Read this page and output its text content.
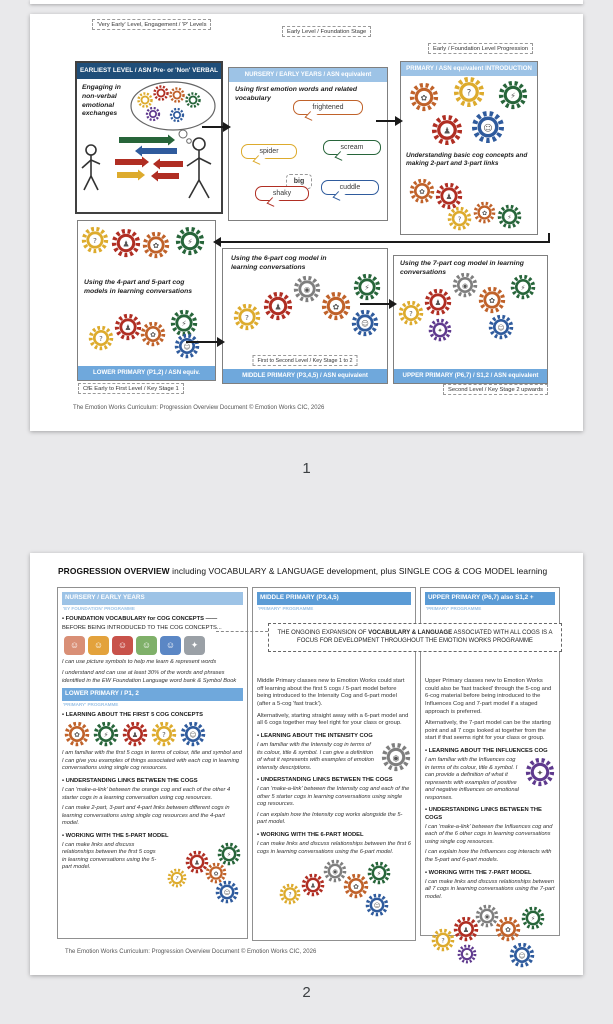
'Very Early' Level, Engagement / 'P' Levels
Early Level / Foundation Stage
Early / Foundation Level Progression
EARLIEST LEVEL / ASN Pre- or 'Non' VERBAL
Engaging in non-verbal emotional exchanges
NURSERY / EARLY YEARS / ASN equivalent
Using first emotion words and related vocabulary
frightened
spider
scream
big
shaky
cuddle
PRIMARY / ASN equivalent INTRODUCTION
✿
?	⚡
♟	☺
✿
♟
?
✿ ⚡
Understanding basic cog concepts and making 2-part and 3-part links
?	♟	✿	⚡
♟
✿
⚡
?
☺
Using the 4-part and 5-part cog models in learning conversations
LOWER PRIMARY (P1,2) / ASN equiv.
CfE Early to First Level / Key Stage 1
Using the 6-part cog model in learning conversations
?
♟
◉
✿
⚡
☺
First to Second Level / Key Stage 1 to 2
MIDDLE PRIMARY (P3,4,5) / ASN equivalent
Using the 7-part cog model in learning conversations
?
♟
◉
✿
⚡
✦	☺
UPPER PRIMARY (P6,7) / S1,2 / ASN equivalent
Second Level / Key Stage 2 upwards
The Emotion Works Curriculum: Progression Overview Document © Emotion Works CIC, 2026
1
PROGRESSION OVERVIEW including VOCABULARY & LANGUAGE development, plus SINGLE COG & COG MODEL learning
NURSERY / EARLY YEARS
'EY FOUNDATION' PROGRAMME
• FOUNDATION VOCABULARY for COG CONCEPTS ——
BEFORE BEING INTRODUCED TO THE COG CONCEPTS...
☺	☺	☺	☺	☺	✦
I can use picture symbols to help me learn & represent words
I understand and can use at least 30% of the words and phrases identified in the EW Foundation Language word bank & Symbol Book
LOWER PRIMARY / P1, 2
'PRIMARY' PROGRAMME
• LEARNING ABOUT THE FIRST 5 COG CONCEPTS
✿	⚡	♟	?	☺
I am familiar with the first 5 cogs in terms of colour, title and symbol and I can give you examples of things associated with each cog in learning conversations using single cog resources.
• UNDERSTANDING LINKS BETWEEN THE COGS
I can 'make-a-link' between the orange cog and each of the other 4 starter cogs in a learning conversation using cog resources.
I can make 2-part, 3-part and 4-part links between different cogs in learning conversations using single cog resources and the 4-part model.
• WORKING WITH THE 5-PART MODEL
⚡
♟
✿
?
☺
I can make links and discuss relationships between the first 5 cogs in learning conversations using the 5-part model.
MIDDLE PRIMARY (P3,4,5)
'PRIMARY' PROGRAMME
Middle Primary classes new to Emotion Works could start off learning about the first 5 cogs / 5-part model before being introduced to the Intensity Cog and 6-part model (after a 5-cog 'fast track').
Alternatively, starting straight away with a 6-part model and all 6 cogs together may feel right for your class or group.
• LEARNING ABOUT THE INTENSITY COG
◉
I am familiar with the Intensity cog in terms of its colour, title & symbol. I can give a definition of what it represents with examples of emotion intensity descriptions.
• UNDERSTANDING LINKS BETWEEN THE COGS
I can 'make-a-link' between the Intensity cog and each of the other 5 starter cogs in learning conversations using single cog resources.
I can explain how the Intensity cog works alongside the 5-part model.
• WORKING WITH THE 6-PART MODEL
I can make links and discuss relationships between the first 6 cogs in learning conversations using the 6-part model.
◉
♟	✿
⚡
?
☺
UPPER PRIMARY (P6,7) also S1,2 +
'PRIMARY' PROGRAMME
Upper Primary classes new to Emotion Works could also be 'fast tracked' through the 5-cog and 6-cog material before being introduced to the Influences Cog and 7-part model if a staged approach is preferred.
Alternatively, the 7-part model can be the starting point and all 7 cogs looked at together from the start if that seems right for your class or group.
• LEARNING ABOUT THE INFLUENCES COG
✦
I am familiar with the Influences cog in terms of its colour, title & symbol. I can provide a definition of what it represents with examples of positive and negative influences on emotional responses.
• UNDERSTANDING LINKS BETWEEN THE COGS
I can 'make-a-link' between the Influences cog and each of the 6 other cogs in learning conversations using single cog resources.
I can explain how the Influences cog interacts with the 5-part and 6-part models.
• WORKING WITH THE 7-PART MODEL
I can make links and discuss relationships between all 7 cogs in learning conversations using the 7-part model.
◉
♟	✿
⚡
?
✦	☺
THE ONGOING EXPANSION OF VOCABULARY & LANGUAGE ASSOCIATED WITH ALL COGS IS A FOCUS FOR DEVELOPMENT THROUGHOUT THE EMOTION WORKS PROGRAMME
The Emotion Works Curriculum: Progression Overview Document © Emotion Works CIC, 2026
2
